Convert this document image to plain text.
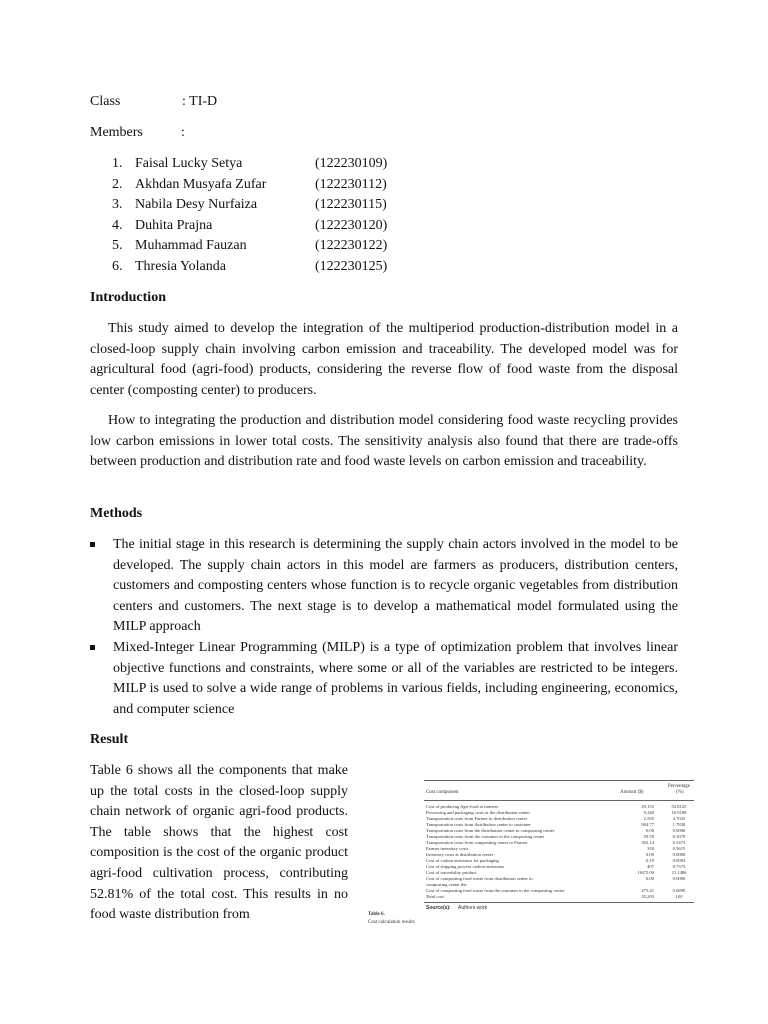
Class	: TI-D
Members	:
1. Faisal Lucky Setya	(122230109)
2. Akhdan Musyafa Zufar	(122230112)
3. Nabila Desy Nurfaiza	(122230115)
4. Duhita Prajna	(122230120)
5. Muhammad Fauzan	(122230122)
6. Thresia Yolanda	(122230125)
Introduction
This study aimed to develop the integration of the multiperiod production-distribution model in a closed-loop supply chain involving carbon emission and traceability. The developed model was for agricultural food (agri-food) products, considering the reverse flow of food waste from the disposal center (composting center) to producers.
How to integrating the production and distribution model considering food waste recycling provides low carbon emissions in lower total costs. The sensitivity analysis also found that there are trade-offs between production and distribution rate and food waste levels on carbon emission and traceability.
Methods
The initial stage in this research is determining the supply chain actors involved in the model to be developed. The supply chain actors in this model are farmers as producers, distribution centers, customers and composting centers whose function is to recycle organic vegetables from distribution centers and customers. The next stage is to develop a mathematical model formulated using the MILP approach
Mixed-Integer Linear Programming (MILP) is a type of optimization problem that involves linear objective functions and constraints, where some or all of the variables are restricted to be integers. MILP is used to solve a wide range of problems in various fields, including engineering, economics, and computer science
Result
Table 6 shows all the components that make up the total costs in the closed-loop supply chain network of organic agri-food products. The table shows that the highest cost composition is the cost of the organic product agri-food cultivation process, contributing 52.81% of the total cost. This results in no food waste distribution from
Cost component	Amount ($)
Percentage
(%)
Cost of producing Agri-food at farmers	29,155	52.8125
Processing and packaging costs at the distribution center	9,340	16.9188
Transportation costs from Farmer to distribution center	2,595	4.7025
Transportation costs from distribution center to customer	984.77	1.7838
Transportation costs from the distribution center to composting center	0.00	0.0000
Transportation costs from the customer to the composting center	59.59	0.1079
Transportation costs from composting center to Farmer	302.14	0.5473
Farmer inventory costs	330	0.5615
Inventory costs at distribution center	0.00	0.0000
Cost of carbon emissions for packaging	0.19	0.0003
Cost of shipping process carbon emissions	407	0.7373
Cost of traceability product	11675.00	21.1486
Cost of composting food waste from distribution center to	0.00	0.0000
composting center the
Cost of composting food waste from the customer to the composting center	275.41	0.6890
Total cost	55,205	100
Source(s): Authors work
Table 6.
Cost calculation results
